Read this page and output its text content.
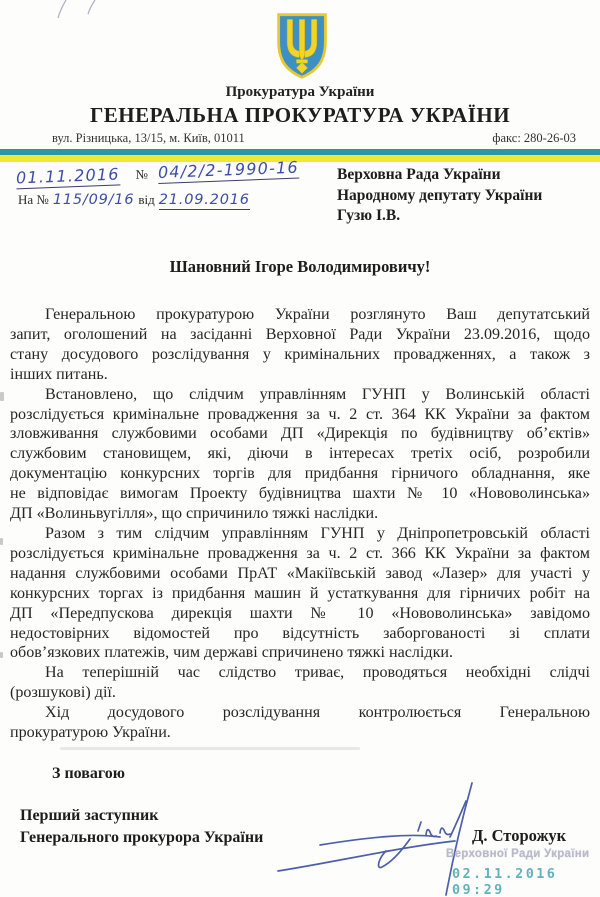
Прокуратура України
ГЕНЕРАЛЬНА ПРОКУРАТУРА УКРАЇНИ
вул. Різницька, 13/15, м. Київ, 01011	факс: 280-26-03
01.11.2016 № 04/2/2-1990-16
На № 115/09/16 від 21.09.2016
Верховна Рада України
Народному депутату України
Гузю І.В.
Шановний Ігоре Володимировичу!
Генеральною прокуратурою України розглянуто Ваш депутатський
запит, оголошений на засіданні Верховної Ради України 23.09.2016, щодо
стану досудового розслідування у кримінальних провадженнях, а також з
інших питань.
Встановлено, що слідчим управлінням ГУНП у Волинській області
розслідується кримінальне провадження за ч. 2 ст. 364 КК України за фактом
зловживання службовими особами ДП «Дирекція по будівництву об’єктів»
службовим становищем, які, діючи в інтересах третіх осіб, розробили
документацію конкурсних торгів для придбання гірничого обладнання, яке
не відповідає вимогам Проекту будівництва шахти № 10 «Нововолинська»
ДП «Волиньвугілля», що спричинило тяжкі наслідки.
Разом з тим слідчим управлінням ГУНП у Дніпропетровській області
розслідується кримінальне провадження за ч. 2 ст. 366 КК України за фактом
надання службовими особами ПрАТ «Макіївській завод «Лазер» для участі у
конкурсних торгах із придбання машин й устаткування для гірничих робіт на
ДП «Передпускова дирекція шахти № 10 «Нововолинська» завідомо
недостовірних відомостей про відсутність заборгованості зі сплати
обов’язкових платежів, чим державі спричинено тяжкі наслідки.
На теперішній час слідство триває, проводяться необхідні слідчі
(розшукові) дії.
Хід досудового розслідування контролюється Генеральною
прокуратурою України.
З повагою
Перший заступник
Генерального прокурора України	Д. Сторожук
Верховної Ради України
02.11.2016 09:29
